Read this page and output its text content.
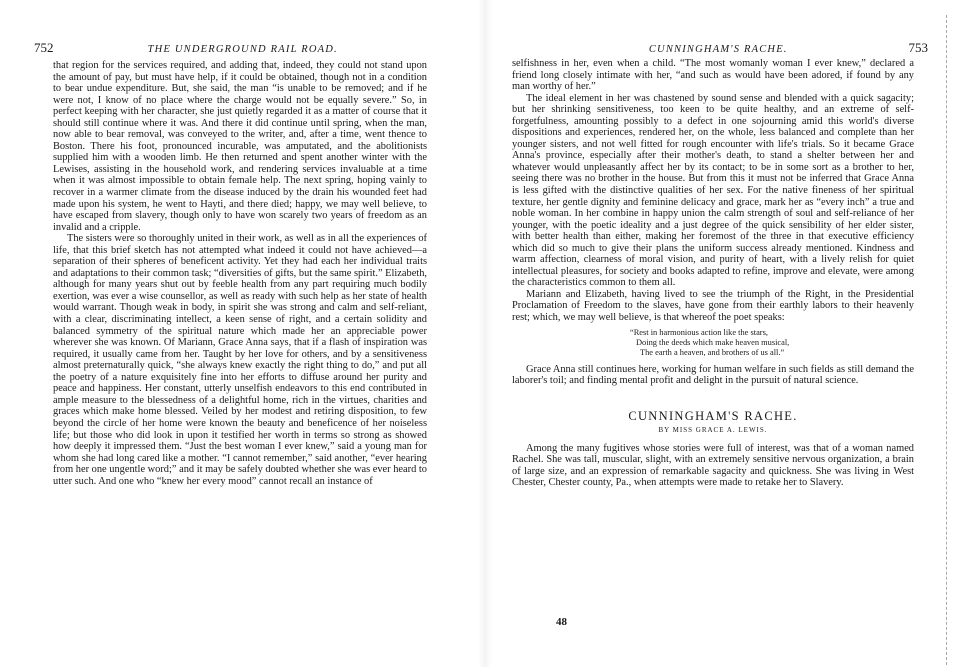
752	THE UNDERGROUND RAIL ROAD.

that region for the services required, and adding that, indeed, they could not stand upon the amount of pay, but must have help, if it could be obtained, though not in a condition to bear undue expenditure. But, she said, the man “is unable to be removed; and if he were not, I know of no place where the charge would not be equally severe.” So, in perfect keeping with her character, she just quietly regarded it as a matter of course that it should still continue where it was. And there it did continue until spring, when the man, now able to bear removal, was conveyed to the writer, and, after a time, went thence to Boston. There his foot, pronounced incurable, was amputated, and the abolitionists supplied him with a wooden limb. He then returned and spent another winter with the Lewises, assisting in the household work, and rendering services invaluable at a time when it was almost impossible to obtain female help. The next spring, hoping vainly to recover in a warmer climate from the disease induced by the drain his wounded feet had made upon his system, he went to Hayti, and there died; happy, we may well believe, to have escaped from slavery, though only to have won scarely two years of freedom as an invalid and a cripple.

The sisters were so thoroughly united in their work, as well as in all the experiences of life, that this brief sketch has not attempted what indeed it could not have achieved—a separation of their spheres of beneficent activity. Yet they had each her individual traits and adaptations to their common task; “diversities of gifts, but the same spirit.” Elizabeth, although for many years shut out by feeble health from any part requiring much bodily exertion, was ever a wise counsellor, as well as ready with such help as her state of health would warrant. Though weak in body, in spirit she was strong and calm and self-reliant, with a clear, discriminating intellect, a keen sense of right, and a certain solidity and balanced symmetry of the spiritual nature which made her an appreciable power wherever she was known. Of Mariann, Grace Anna says, that if a flash of inspiration was required, it usually came from her. Taught by her love for others, and by a sensitiveness almost preternaturally quick, “she always knew exactly the right thing to do,” and put all the poetry of a nature exquisitely fine into her efforts to diffuse around her purity and peace and happiness. Her constant, utterly unselfish endeavors to this end contributed in ample measure to the blessedness of a delightful home, rich in the virtues, charities and graces which make home blessed. Veiled by her modest and retiring disposition, to few beyond the circle of her home were known the beauty and beneficence of her noiseless life; but those who did look in upon it testified her worth in terms so strong as showed how deeply it impressed them. “Just the best woman I ever knew,” said a young man for whom she had long cared like a mother. “I cannot remember,” said another, “ever hearing from her one ungentle word;” and it may be safely doubted whether she was ever heard to utter such. And one who “knew her every mood” cannot recall an instance of

CUNNINGHAM'S RACHE.	753

selfishness in her, even when a child. “The most womanly woman I ever knew,” declared a friend long closely intimate with her, “and such as would have been adored, if found by any man worthy of her.”

The ideal element in her was chastened by sound sense and blended with a quick sagacity; but her shrinking sensitiveness, too keen to be quite healthy, and an extreme of self-forgetfulness, amounting possibly to a defect in one sojourning amid this world's diverse dispositions and experiences, rendered her, on the whole, less balanced and complete than her younger sisters, and not well fitted for rough encounter with life's trials. So it became Grace Anna's province, especially after their mother's death, to stand a shelter between her and whatever would unpleasantly affect her by its contact; to be in some sort as a brother to her, seeing there was no brother in the house. But from this it must not be inferred that Grace Anna is less gifted with the distinctive qualities of her sex. For the native fineness of her spiritual texture, her gentle dignity and feminine delicacy and grace, mark her as “every inch” a true and noble woman. In her combine in happy union the calm strength of soul and self-reliance of her younger, with the poetic ideality and a just degree of the quick sensibility of her elder sister, with better health than either, making her foremost of the three in that executive efficiency which did so much to give their plans the uniform success already mentioned. Kindness and warm affection, clearness of moral vision, and purity of heart, with a lively relish for quiet intellectual pleasures, for society and books adapted to refine, improve and elevate, were among the characteristics common to them all.

Mariann and Elizabeth, having lived to see the triumph of the Right, in the Presidential Proclamation of Freedom to the slaves, have gone from their earthly labors to their heavenly rest; which, we may well believe, is that whereof the poet speaks:

“Rest in harmonious action like the stars,
Doing the deeds which make heaven musical,
The earth a heaven, and brothers of us all.”

Grace Anna still continues here, working for human welfare in such fields as still demand the laborer's toil; and finding mental profit and delight in the pursuit of natural science.

CUNNINGHAM'S RACHE.
BY MISS GRACE A. LEWIS.

Among the many fugitives whose stories were full of interest, was that of a woman named Rachel. She was tall, muscular, slight, with an extremely sensitive nervous organization, a brain of large size, and an expression of remarkable sagacity and quickness. She was living in West Chester, Chester county, Pa., when attempts were made to retake her to Slavery.

48
